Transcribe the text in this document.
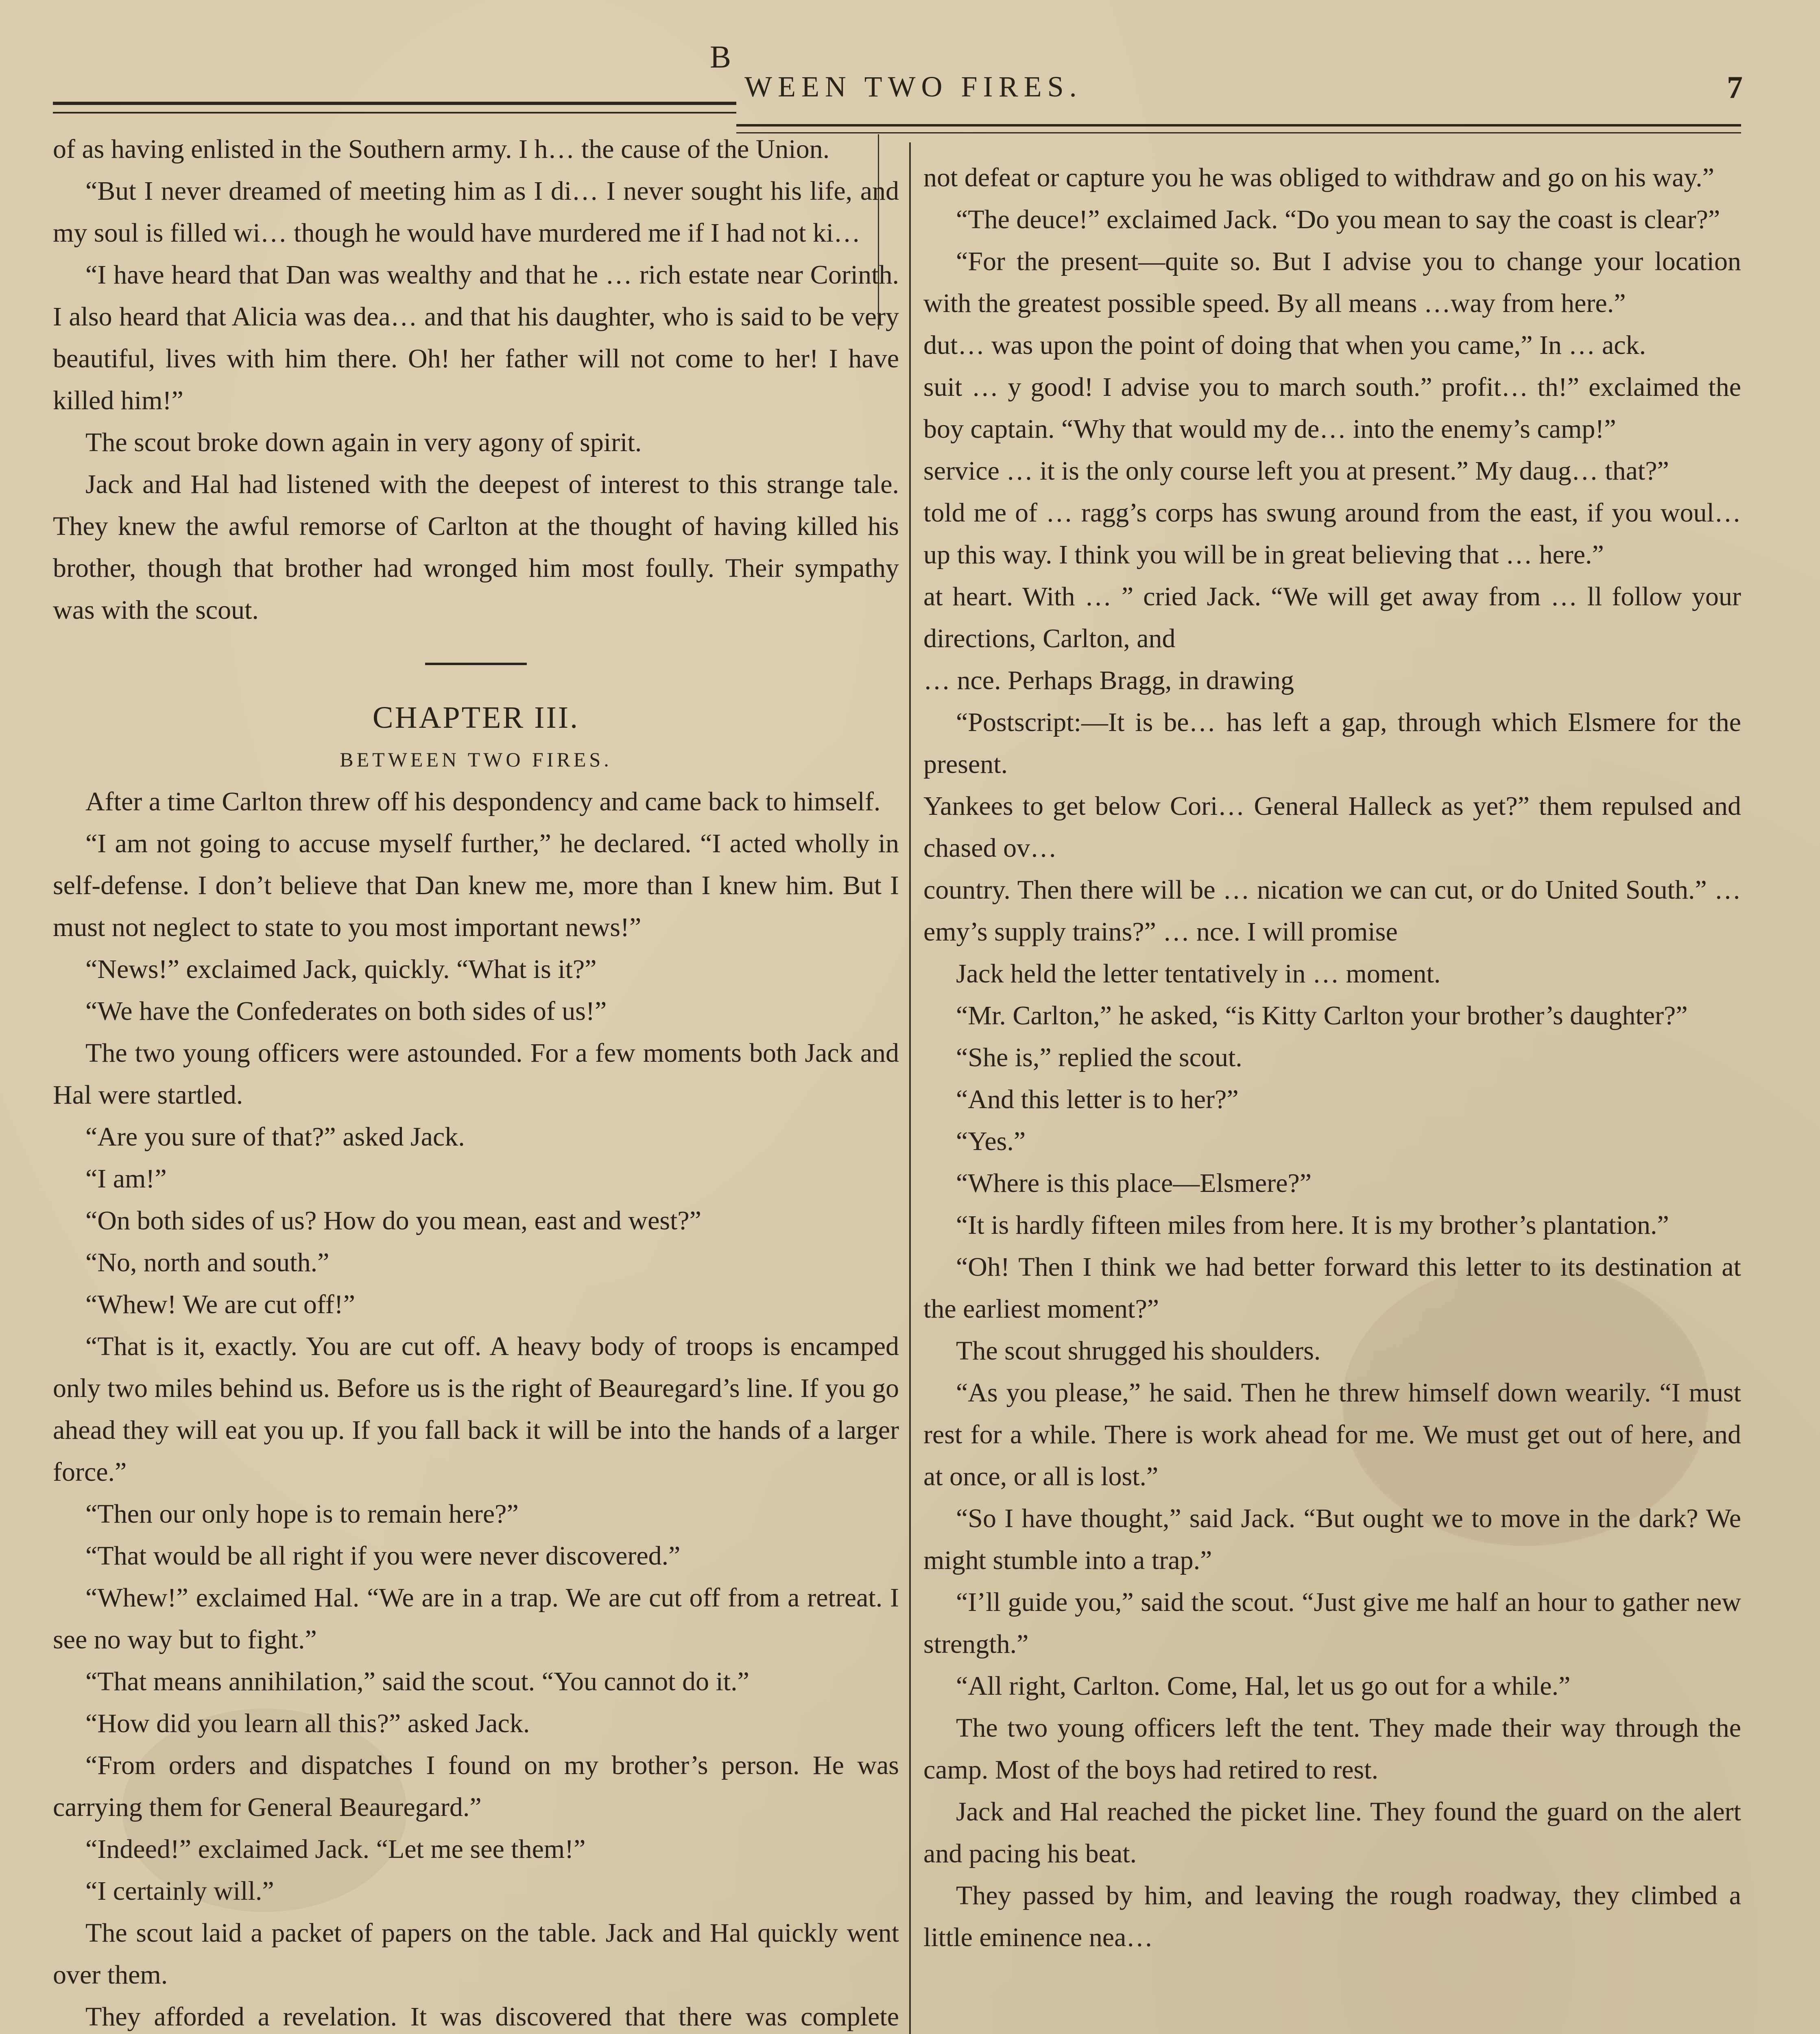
B
WEEN TWO FIRES.	7

of as having enlisted in the Southern army. I h… the cause of the Union.

“But I never dreamed of meeting him as I di… I never sought his life, and my soul is filled wi… though he would have murdered me if I had not ki…

“I have heard that Dan was wealthy and that he … rich estate near Corinth. I also heard that Alicia was dea… and that his daughter, who is said to be very beautiful, lives with him there. Oh! her father will not come to her! I have killed him!”

The scout broke down again in very agony of spirit.

Jack and Hal had listened with the deepest of interest to this strange tale. They knew the awful remorse of Carlton at the thought of having killed his brother, though that brother had wronged him most foully. Their sympathy was with the scout.

CHAPTER III.

BETWEEN TWO FIRES.

After a time Carlton threw off his despondency and came back to himself.

“I am not going to accuse myself further,” he declared. “I acted wholly in self-defense. I don’t believe that Dan knew me, more than I knew him. But I must not neglect to state to you most important news!”

“News!” exclaimed Jack, quickly. “What is it?”

“We have the Confederates on both sides of us!”

The two young officers were astounded. For a few moments both Jack and Hal were startled.

“Are you sure of that?” asked Jack.

“I am!”

“On both sides of us? How do you mean, east and west?”

“No, north and south.”

“Whew! We are cut off!”

“That is it, exactly. You are cut off. A heavy body of troops is encamped only two miles behind us. Before us is the right of Beauregard’s line. If you go ahead they will eat you up. If you fall back it will be into the hands of a larger force.”

“Then our only hope is to remain here?”

“That would be all right if you were never discovered.”

“Whew!” exclaimed Hal. “We are in a trap. We are cut off from a retreat. I see no way but to fight.”

“That means annihilation,” said the scout. “You cannot do it.”

“How did you learn all this?” asked Jack.

“From orders and dispatches I found on my brother’s person. He was carrying them for General Beauregard.”

“Indeed!” exclaimed Jack. “Let me see them!”

“I certainly will.”

The scout laid a packet of papers on the table. Jack and Hal quickly went over them.

They afforded a revelation. It was discovered that there was complete

not defeat or capture you he was obliged to withdraw and go on his way.”

“The deuce!” exclaimed Jack. “Do you mean to say the coast is clear?”

“For the present—quite so. But I advise you to change your location with the greatest possible speed. By all means …way from here.”

dut… was upon the point of doing that when you came,” In … ack.

suit … y good! I advise you to march south.” profit… th!” exclaimed the boy captain. “Why that would my de… into the enemy’s camp!”

service … it is the only course left you at present.” My daug… that?”

told me of … ragg’s corps has swung around from the east, if you woul… up this way. I think you will be in great believing that … here.”

at heart. With … ” cried Jack. “We will get away from … ll follow your directions, Carlton, and

… nce. Perhaps Bragg, in drawing

“Postscript:—It is be… has left a gap, through which Elsmere for the present.

Yankees to get below Cori… General Halleck as yet?” them repulsed and chased ov…

country. Then there will be … nication we can cut, or do United South.” … emy’s supply trains?” … nce. I will promise

Jack held the letter tentatively in … moment.

“Mr. Carlton,” he asked, “is Kitty Carlton your brother’s daughter?”

“She is,” replied the scout.

“And this letter is to her?”

“Yes.”

“Where is this place—Elsmere?”

“It is hardly fifteen miles from here. It is my brother’s plantation.”

“Oh! Then I think we had better forward this letter to its destination at the earliest moment?”

The scout shrugged his shoulders.

“As you please,” he said. Then he threw himself down wearily. “I must rest for a while. There is work ahead for me. We must get out of here, and at once, or all is lost.”

“So I have thought,” said Jack. “But ought we to move in the dark? We might stumble into a trap.”

“I’ll guide you,” said the scout. “Just give me half an hour to gather new strength.”

“All right, Carlton. Come, Hal, let us go out for a while.”

The two young officers left the tent. They made their way through the camp. Most of the boys had retired to rest.

Jack and Hal reached the picket line. They found the guard on the alert and pacing his beat.

They passed by him, and leaving the rough roadway, they climbed a little eminence nea…
